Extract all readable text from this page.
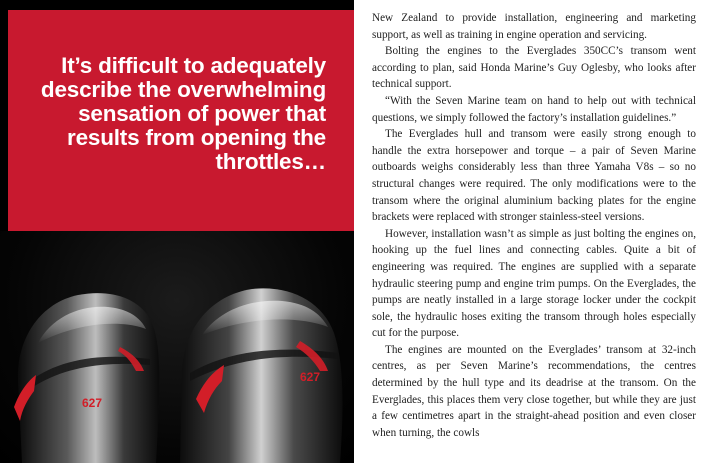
It’s difficult to adequately describe the overwhelming sensation of power that results from opening the throttles…

627
627

New Zealand to provide installation, engineering and marketing support, as well as training in engine operation and servicing.

Bolting the engines to the Everglades 350CC’s transom went according to plan, said Honda Marine’s Guy Oglesby, who looks after technical support.

“With the Seven Marine team on hand to help out with technical questions, we simply followed the factory’s installation guidelines.”

The Everglades hull and transom were easily strong enough to handle the extra horsepower and torque – a pair of Seven Marine outboards weighs considerably less than three Yamaha V8s – so no structural changes were required. The only modifications were to the transom where the original aluminium backing plates for the engine brackets were replaced with stronger stainless-steel versions.

However, installation wasn’t as simple as just bolting the engines on, hooking up the fuel lines and connecting cables. Quite a bit of engineering was required. The engines are supplied with a separate hydraulic steering pump and engine trim pumps. On the Everglades, the pumps are neatly installed in a large storage locker under the cockpit sole, the hydraulic hoses exiting the transom through holes especially cut for the purpose.

The engines are mounted on the Everglades’ transom at 32-inch centres, as per Seven Marine’s recommendations, the centres determined by the hull type and its deadrise at the transom. On the Everglades, this places them very close together, but while they are just a few centimetres apart in the straight-ahead position and even closer when turning, the cowls
